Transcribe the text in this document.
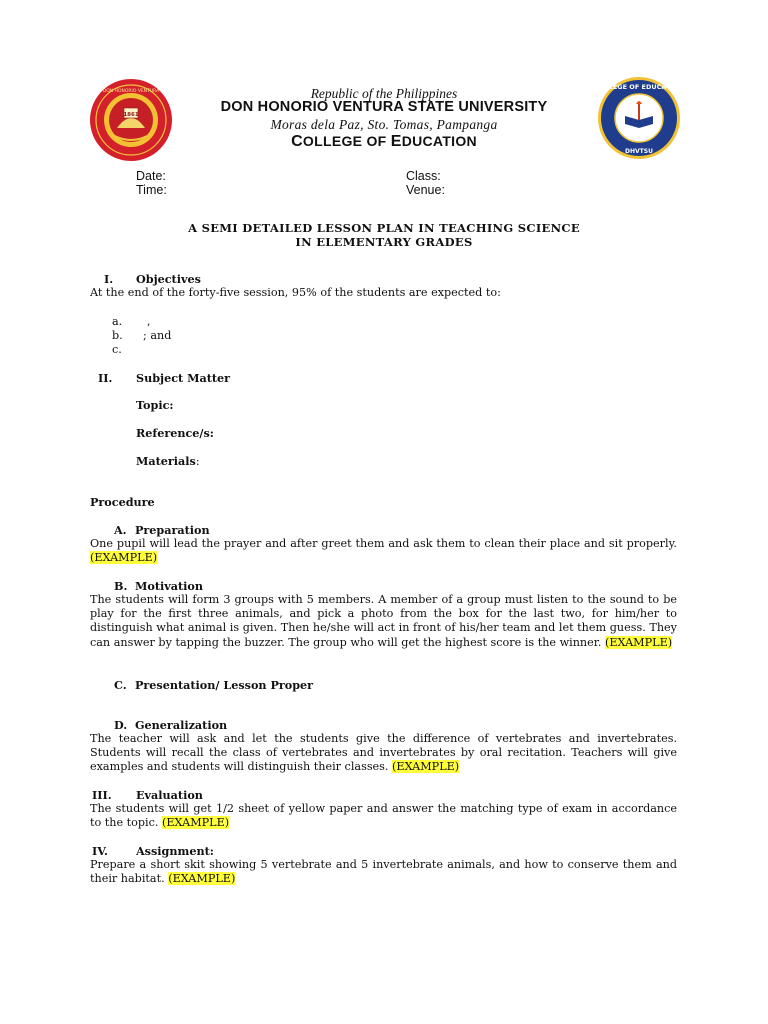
1861
DON HONORIO VENTURA
COLLEGE OF EDUCATION
DHVTSU
Republic of the Philippines
DON HONORIO VENTURA STATE UNIVERSITY
Moras dela Paz, Sto. Tomas, Pampanga
COLLEGE OF EDUCATION
Date:
Time:
Class:
Venue:
A SEMI DETAILED LESSON PLAN IN TEACHING SCIENCE
IN ELEMENTARY GRADES
I. Objectives
At the end of the forty-five session, 95% of the students are expected to:
a. ,
b. ; and
c.
II. Subject Matter
Topic:
Reference/s:
Materials:
Procedure
A. Preparation
One pupil will lead the prayer and after greet them and ask them to clean their place and sit properly. (EXAMPLE)
B. Motivation
The students will form 3 groups with 5 members. A member of a group must listen to the sound to be play for the first three animals, and pick a photo from the box for the last two, for him/her to distinguish what animal is given. Then he/she will act in front of his/her team and let them guess. They can answer by tapping the buzzer. The group who will get the highest score is the winner. (EXAMPLE)
C. Presentation/ Lesson Proper
D. Generalization
The teacher will ask and let the students give the difference of vertebrates and invertebrates. Students will recall the class of vertebrates and invertebrates by oral recitation. Teachers will give examples and students will distinguish their classes. (EXAMPLE)
III. Evaluation
The students will get 1/2 sheet of yellow paper and answer the matching type of exam in accordance to the topic. (EXAMPLE)
IV.	Assignment:
Prepare a short skit showing 5 vertebrate and 5 invertebrate animals, and how to conserve them and their habitat. (EXAMPLE)
